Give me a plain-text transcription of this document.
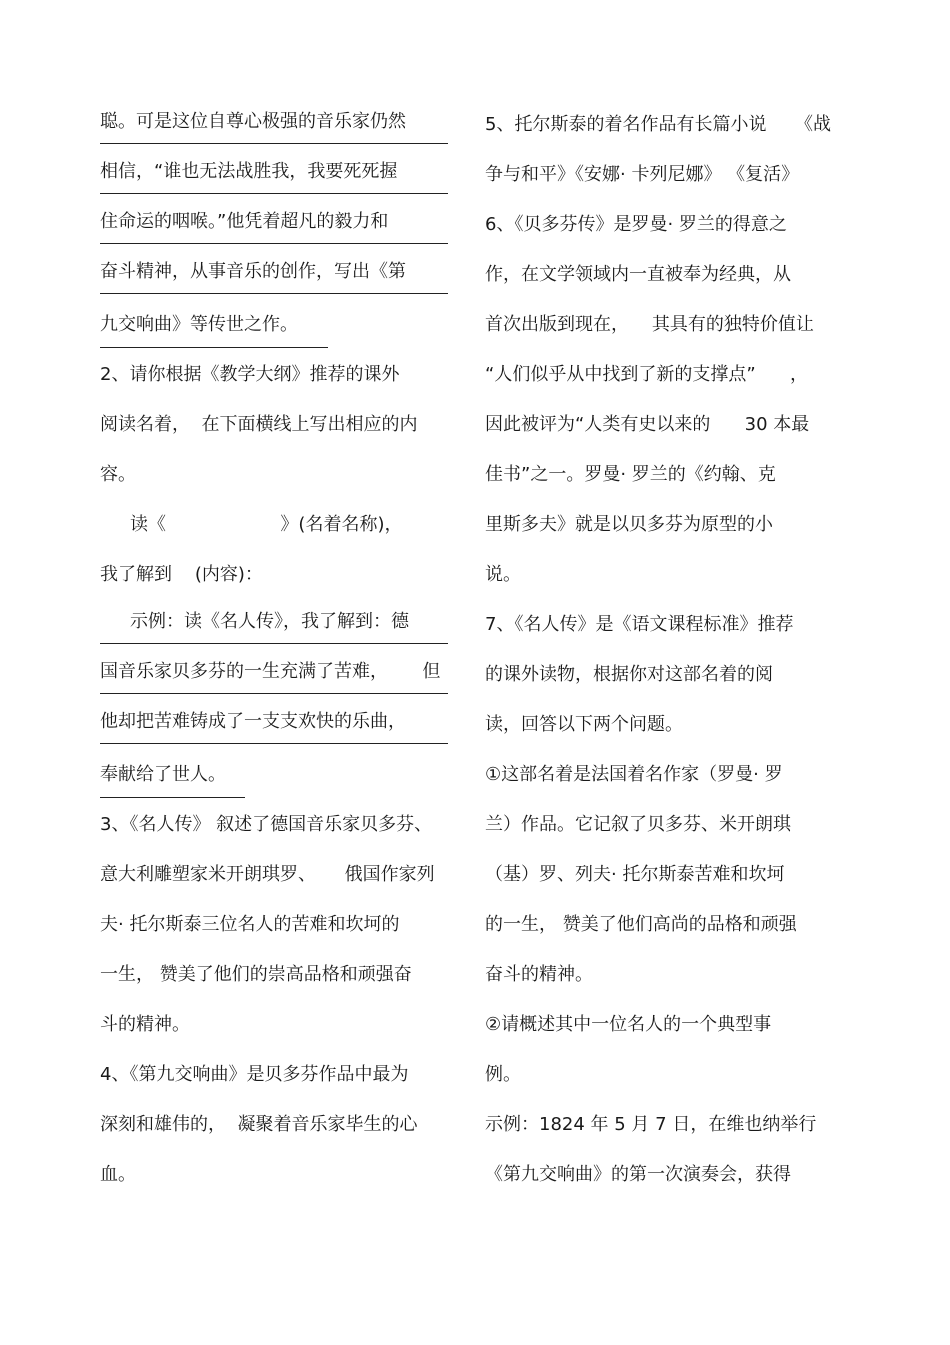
聪。可是这位自尊心极强的音乐家仍然
相信，“谁也无法战胜我，我要死死握
住命运的咽喉。”他凭着超凡的毅力和
奋斗精神，从事音乐的创作，写出《第
九交响曲》等传世之作。
2、请你根据《教学大纲》推荐的课外
阅读名着，  在下面横线上写出相应的内
容。
读《                    》(名着名称)，
我了解到    (内容)：
示例：读《名人传》，我了解到：德
国音乐家贝多芬的一生充满了苦难，      但
他却把苦难铸成了一支支欢快的乐曲，
奉献给了世人。
3、《名人传》 叙述了德国音乐家贝多芬、
意大利雕塑家米开朗琪罗、     俄国作家列
夫· 托尔斯泰三位名人的苦难和坎坷的
一生， 赞美了他们的崇高品格和顽强奋
斗的精神。
4、《第九交响曲》是贝多芬作品中最为
深刻和雄伟的，  凝聚着音乐家毕生的心
血。
5、托尔斯泰的着名作品有长篇小说     《战
争与和平》《安娜· 卡列尼娜》 《复活》
6、《贝多芬传》是罗曼· 罗兰的得意之
作，在文学领域内一直被奉为经典，从
首次出版到现在，    其具有的独特价值让
“人们似乎从中找到了新的支撑点”      ，
因此被评为“人类有史以来的      30 本最
佳书”之一。罗曼· 罗兰的《约翰、克
里斯多夫》就是以贝多芬为原型的小
说。
7、《名人传》是《语文课程标准》推荐
的课外读物，根据你对这部名着的阅
读，回答以下两个问题。
①这部名着是法国着名作家（罗曼· 罗
兰）作品。它记叙了贝多芬、米开朗琪
（基）罗、列夫· 托尔斯泰苦难和坎坷
的一生， 赞美了他们高尚的品格和顽强
奋斗的精神。
②请概述其中一位名人的一个典型事
例。
示例：1824 年 5 月 7 日，在维也纳举行
《第九交响曲》的第一次演奏会，获得
